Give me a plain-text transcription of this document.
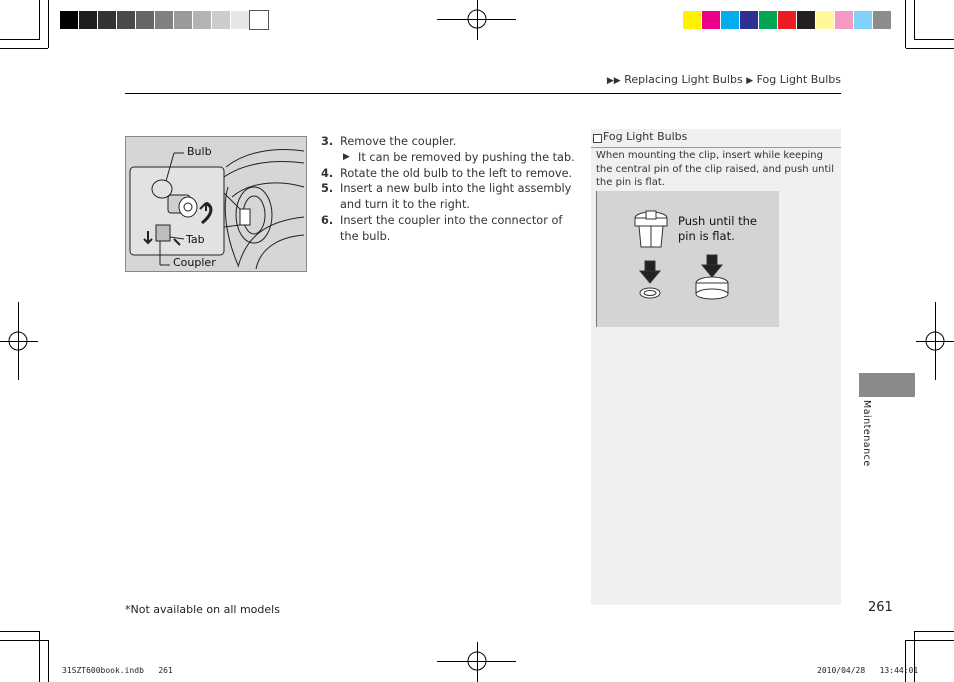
▶▶ Replacing Light Bulbs ▶ Fog Light Bulbs
Bulb
Tab
Coupler
3. Remove the coupler.
▶ It can be removed by pushing the tab.
4. Rotate the old bulb to the left to remove.
5. Insert a new bulb into the light assembly and turn it to the right.
6. Insert the coupler into the connector of the bulb.
Fog Light Bulbs
When mounting the clip, insert while keeping the central pin of the clip raised, and push until the pin is flat.
Push until the pin is flat.
Maintenance
*Not available on all models	261
31SZT600book.indb   261	2010/04/28   13:44:01
